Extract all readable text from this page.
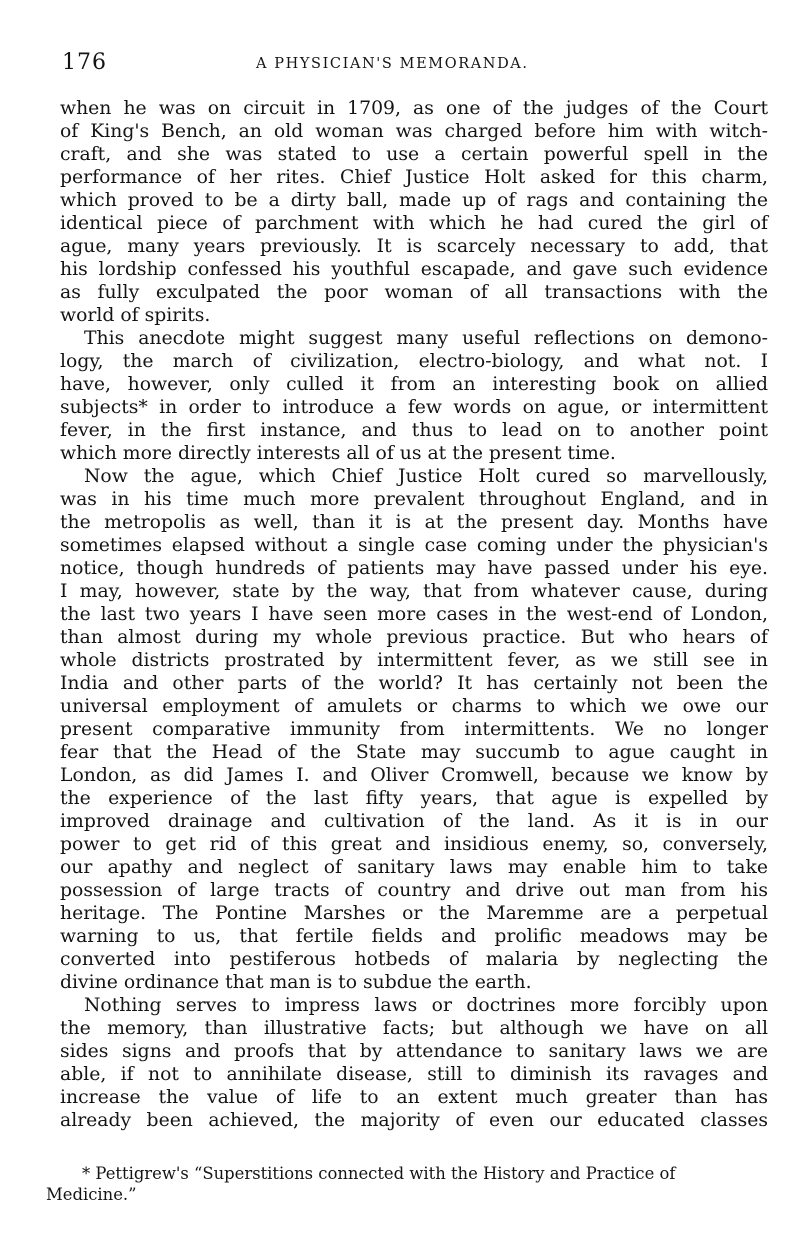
176	A PHYSICIAN'S MEMORANDA.
when he was on circuit in 1709, as one of the judges of the Court
of King's Bench, an old woman was charged before him with witch-
craft, and she was stated to use a certain powerful spell in the
performance of her rites. Chief Justice Holt asked for this charm,
which proved to be a dirty ball, made up of rags and containing the
identical piece of parchment with which he had cured the girl of
ague, many years previously. It is scarcely necessary to add, that
his lordship confessed his youthful escapade, and gave such evidence
as fully exculpated the poor woman of all transactions with the
world of spirits.
This anecdote might suggest many useful reflections on demono-
logy, the march of civilization, electro-biology, and what not. I
have, however, only culled it from an interesting book on allied
subjects* in order to introduce a few words on ague, or intermittent
fever, in the first instance, and thus to lead on to another point
which more directly interests all of us at the present time.
Now the ague, which Chief Justice Holt cured so marvellously,
was in his time much more prevalent throughout England, and in
the metropolis as well, than it is at the present day. Months have
sometimes elapsed without a single case coming under the physician's
notice, though hundreds of patients may have passed under his eye.
I may, however, state by the way, that from whatever cause, during
the last two years I have seen more cases in the west-end of London,
than almost during my whole previous practice. But who hears of
whole districts prostrated by intermittent fever, as we still see in
India and other parts of the world? It has certainly not been the
universal employment of amulets or charms to which we owe our
present comparative immunity from intermittents. We no longer
fear that the Head of the State may succumb to ague caught in
London, as did James I. and Oliver Cromwell, because we know by
the experience of the last fifty years, that ague is expelled by
improved drainage and cultivation of the land. As it is in our
power to get rid of this great and insidious enemy, so, conversely,
our apathy and neglect of sanitary laws may enable him to take
possession of large tracts of country and drive out man from his
heritage. The Pontine Marshes or the Maremme are a perpetual
warning to us, that fertile fields and prolific meadows may be
converted into pestiferous hotbeds of malaria by neglecting the
divine ordinance that man is to subdue the earth.
Nothing serves to impress laws or doctrines more forcibly upon
the memory, than illustrative facts; but although we have on all
sides signs and proofs that by attendance to sanitary laws we are
able, if not to annihilate disease, still to diminish its ravages and
increase the value of life to an extent much greater than has
already been achieved, the majority of even our educated classes
* Pettigrew's “Superstitions connected with the History and Practice of
Medicine.”
